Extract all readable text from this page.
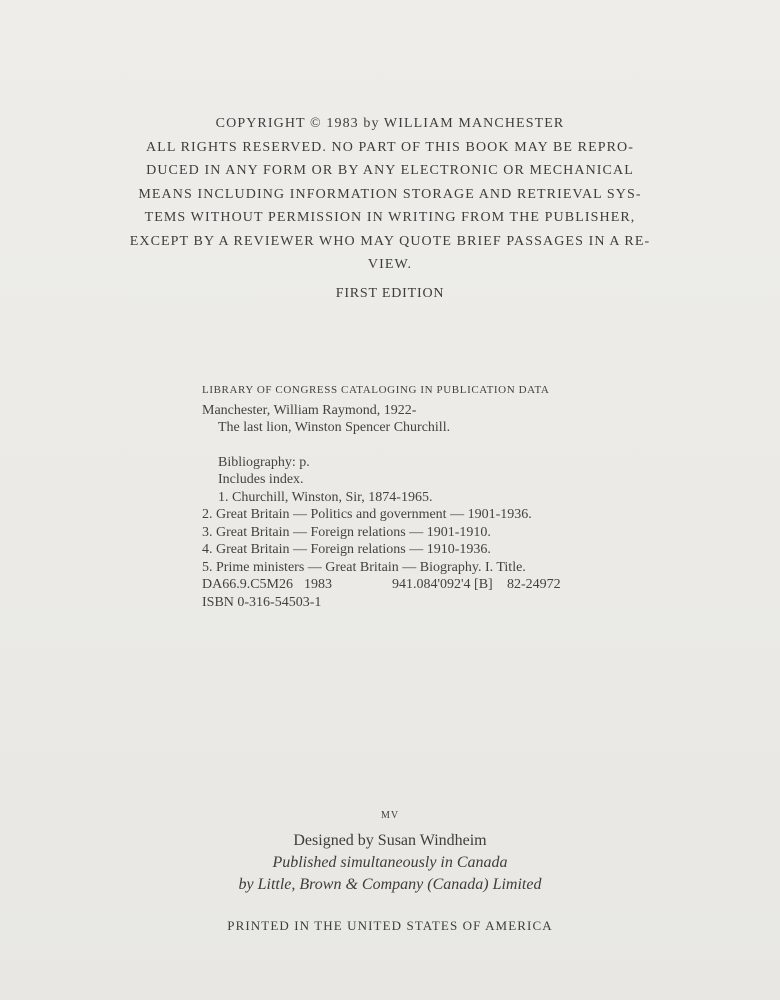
COPYRIGHT © 1983 by WILLIAM MANCHESTER
ALL RIGHTS RESERVED. NO PART OF THIS BOOK MAY BE REPRO-
DUCED IN ANY FORM OR BY ANY ELECTRONIC OR MECHANICAL
MEANS INCLUDING INFORMATION STORAGE AND RETRIEVAL SYS-
TEMS WITHOUT PERMISSION IN WRITING FROM THE PUBLISHER,
EXCEPT BY A REVIEWER WHO MAY QUOTE BRIEF PASSAGES IN A RE-
VIEW.
FIRST EDITION
LIBRARY OF CONGRESS CATALOGING IN PUBLICATION DATA
Manchester, William Raymond, 1922-
The last lion, Winston Spencer Churchill.
Bibliography: p.
Includes index.
1. Churchill, Winston, Sir, 1874-1965.
2. Great Britain — Politics and government — 1901-1936.
3. Great Britain — Foreign relations — 1901-1910.
4. Great Britain — Foreign relations — 1910-1936.
5. Prime ministers — Great Britain — Biography. I. Title.
DA66.9.C5M26 1983	941.084'092'4 [B] 82-24972
ISBN 0-316-54503-1
MV
Designed by Susan Windheim
Published simultaneously in Canada
by Little, Brown & Company (Canada) Limited
PRINTED IN THE UNITED STATES OF AMERICA
